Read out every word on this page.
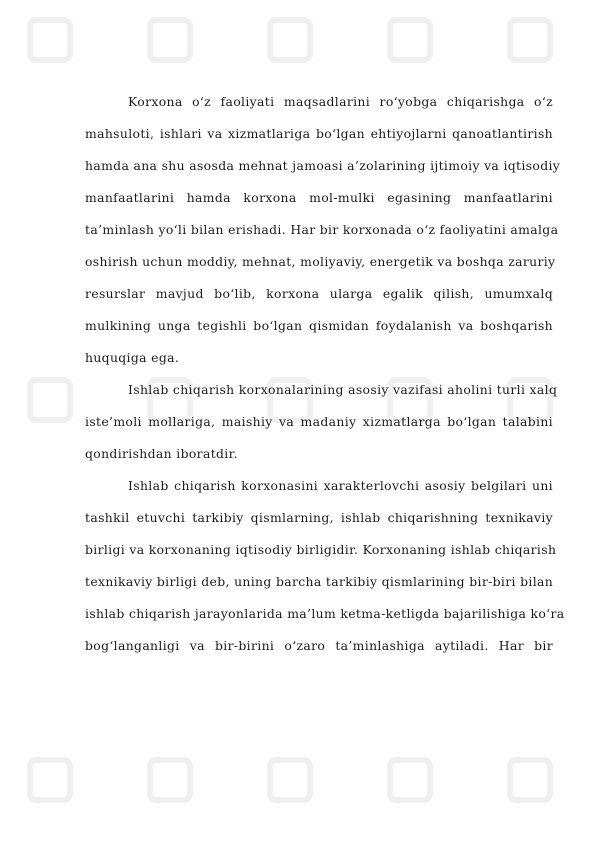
Korxona o‘z faoliyati maqsadlarini ro‘yobga chiqarishga o‘z
mahsuloti, ishlari va xizmatlariga bo‘lgan ehtiyojlarni qanoatlantirish
hamda ana shu asosda mehnat jamoasi a’zolarining ijtimoiy va iqtisodiy
manfaatlarini hamda korxona mol-mulki egasining manfaatlarini
ta’minlash yo‘li bilan erishadi. Har bir korxonada o‘z faoliyatini amalga
oshirish uchun moddiy, mehnat, moliyaviy, energetik va boshqa zaruriy
resurslar mavjud bo‘lib, korxona ularga egalik qilish, umumxalq
mulkining unga tegishli bo‘lgan qismidan foydalanish va boshqarish
huquqiga ega.
Ishlab chiqarish korxonalarining asosiy vazifasi aholini turli xalq
iste’moli mollariga, maishiy va madaniy xizmatlarga bo‘lgan talabini
qondirishdan iboratdir.
Ishlab chiqarish korxonasini xarakterlovchi asosiy belgilari uni
tashkil etuvchi tarkibiy qismlarning, ishlab chiqarishning texnikaviy
birligi va korxonaning iqtisodiy birligidir. Korxonaning ishlab chiqarish
texnikaviy birligi deb, uning barcha tarkibiy qismlarining bir-biri bilan
ishlab chiqarish jarayonlarida ma’lum ketma-ketligda bajarilishiga ko‘ra
bog‘langanligi va bir-birini o‘zaro ta’minlashiga aytiladi. Har bir
